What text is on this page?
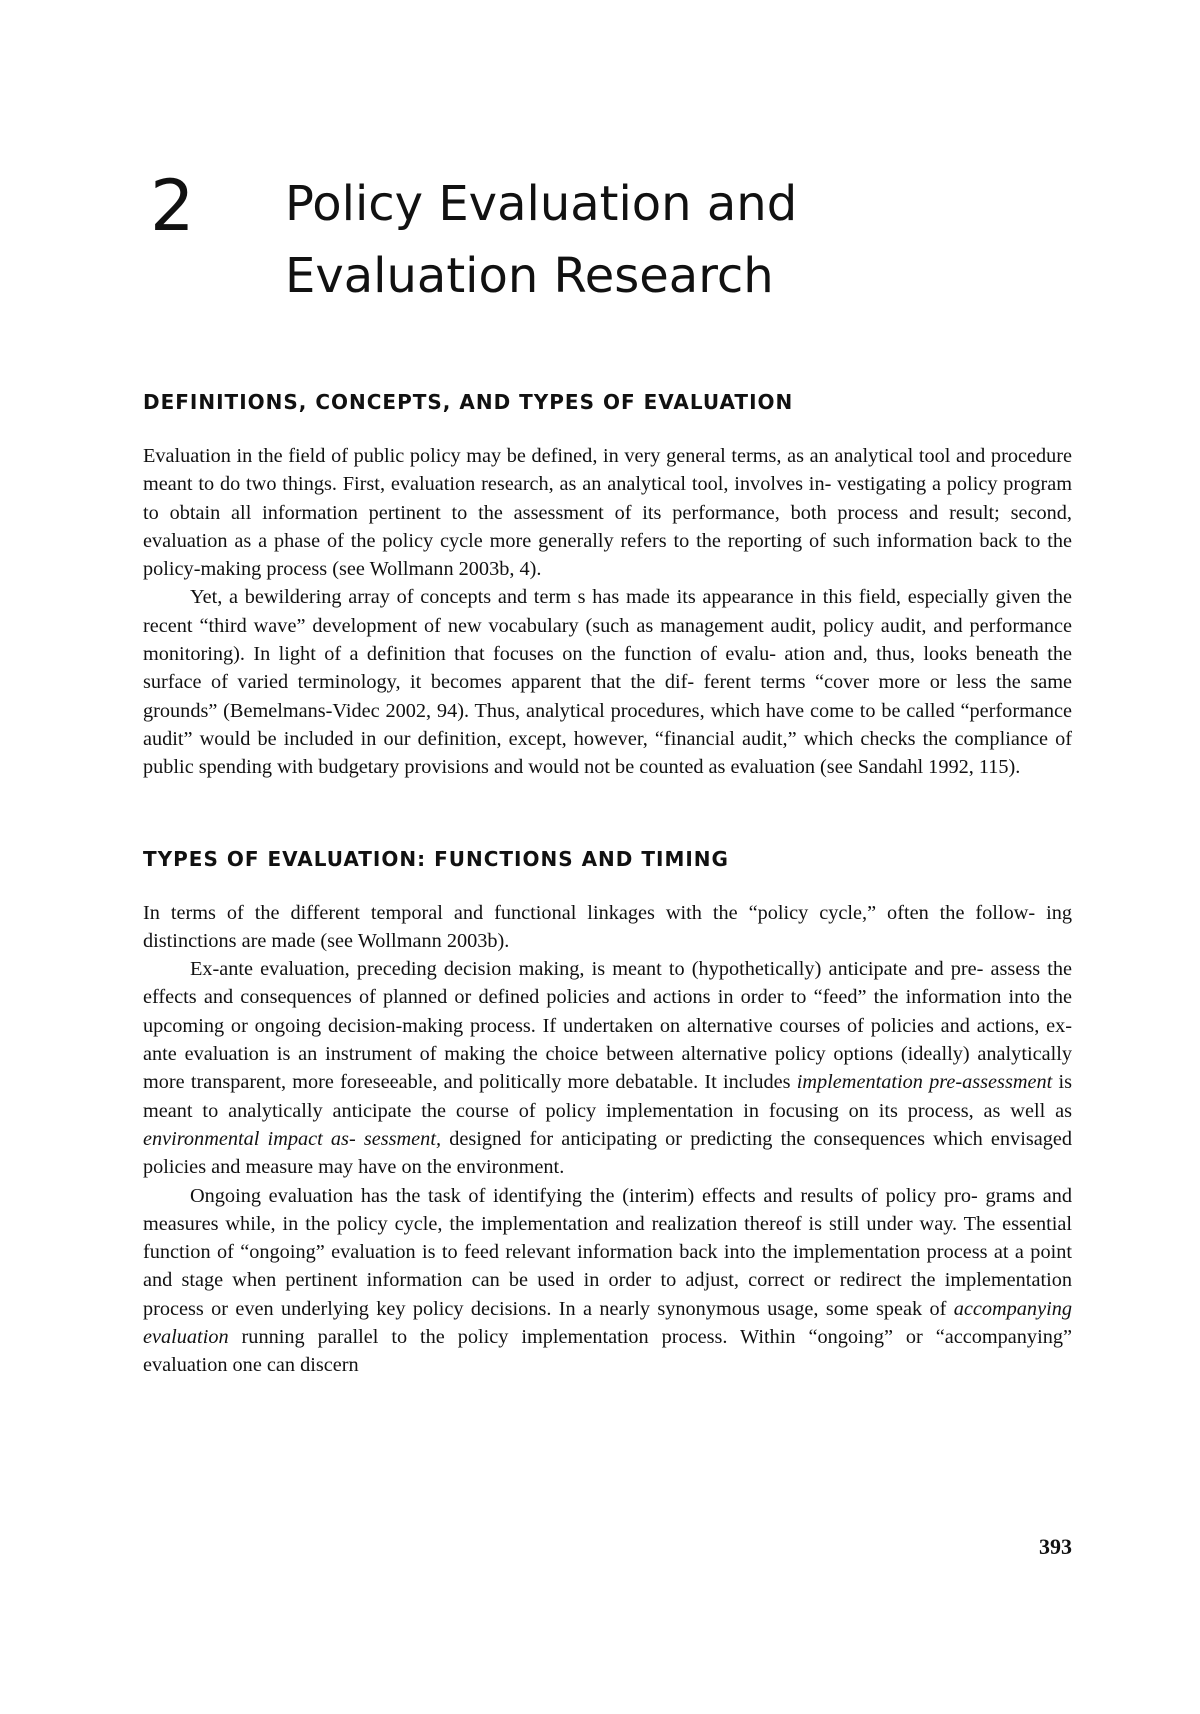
2 Policy Evaluation and
Evaluation Research
DEFINITIONS, CONCEPTS, AND TYPES OF EVALUATION

Evaluation in the field of public policy may be defined, in very general terms, as an analytical tool and procedure meant to do two things. First, evaluation research, as an analytical tool, involves in- vestigating a policy program to obtain all information pertinent to the assessment of its performance, both process and result; second, evaluation as a phase of the policy cycle more generally refers to the reporting of such information back to the policy-making process (see Wollmann 2003b, 4).

Yet, a bewildering array of concepts and term s has made its appearance in this field, especially given the recent “third wave” development of new vocabulary (such as management audit, policy audit, and performance monitoring). In light of a definition that focuses on the function of evalu- ation and, thus, looks beneath the surface of varied terminology, it becomes apparent that the dif- ferent terms “cover more or less the same grounds” (Bemelmans-Videc 2002, 94). Thus, analytical procedures, which have come to be called “performance audit” would be included in our definition, except, however, “financial audit,” which checks the compliance of public spending with budgetary provisions and would not be counted as evaluation (see Sandahl 1992, 115).

TYPES OF EVALUATION: FUNCTIONS AND TIMING

In terms of the different temporal and functional linkages with the “policy cycle,” often the follow- ing distinctions are made (see Wollmann 2003b).

Ex-ante evaluation, preceding decision making, is meant to (hypothetically) anticipate and pre- assess the effects and consequences of planned or defined policies and actions in order to “feed” the information into the upcoming or ongoing decision-making process. If undertaken on alternative courses of policies and actions, ex-ante evaluation is an instrument of making the choice between alternative policy options (ideally) analytically more transparent, more foreseeable, and politically more debatable. It includes implementation pre-assessment is meant to analytically anticipate the course of policy implementation in focusing on its process, as well as environmental impact as- sessment, designed for anticipating or predicting the consequences which envisaged policies and measure may have on the environment.

Ongoing evaluation has the task of identifying the (interim) effects and results of policy pro- grams and measures while, in the policy cycle, the implementation and realization thereof is still under way. The essential function of “ongoing” evaluation is to feed relevant information back into the implementation process at a point and stage when pertinent information can be used in order to adjust, correct or redirect the implementation process or even underlying key policy decisions. In a nearly synonymous usage, some speak of accompanying evaluation running parallel to the policy implementation process. Within “ongoing” or “accompanying” evaluation one can discern

393
